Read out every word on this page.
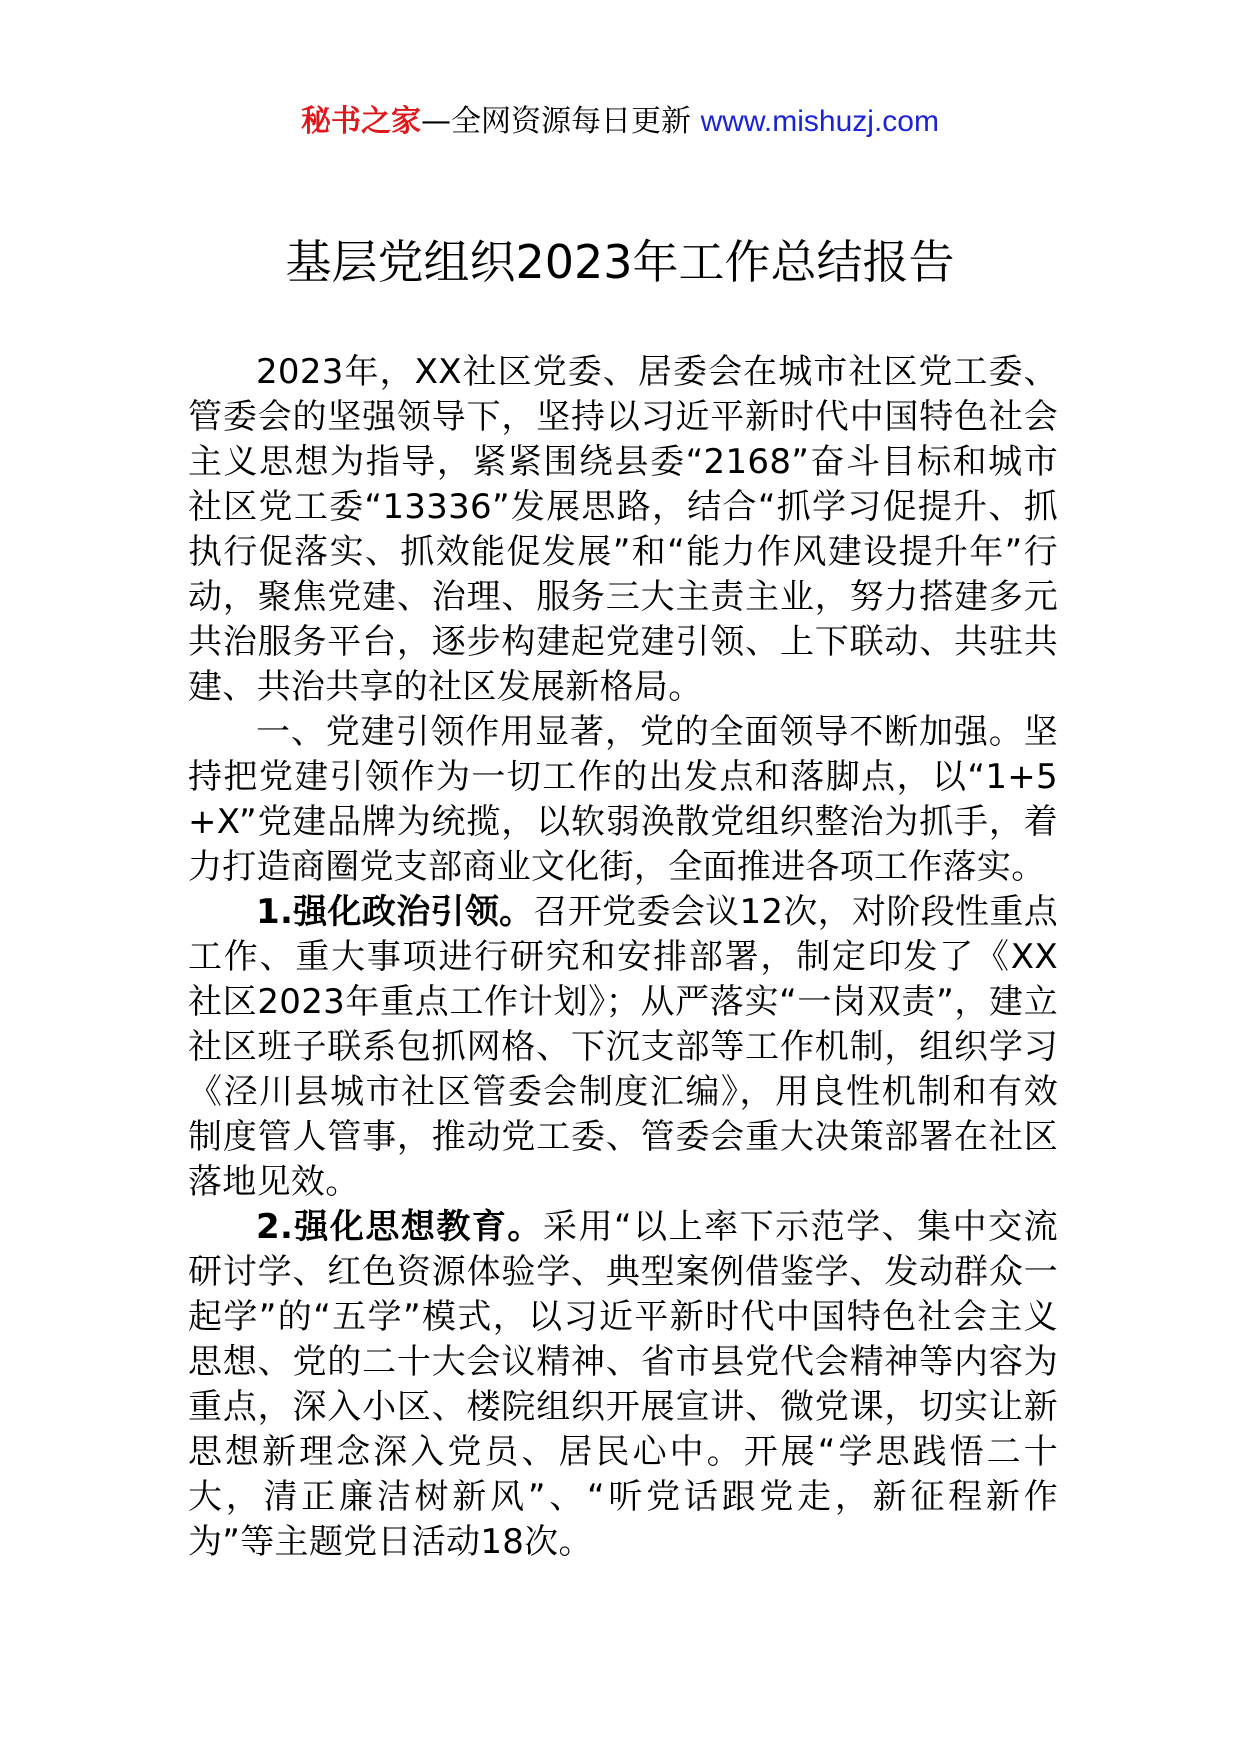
秘书之家—全网资源每日更新 www.mishuzj.com
基层党组织2023年工作总结报告

2023年，XX社区党委、居委会在城市社区党工委、管委会的坚强领导下，坚持以习近平新时代中国特色社会主义思想为指导，紧紧围绕县委“2168”奋斗目标和城市社区党工委“13336”发展思路，结合“抓学习促提升、抓执行促落实、抓效能促发展”和“能力作风建设提升年”行动，聚焦党建、治理、服务三大主责主业，努力搭建多元共治服务平台，逐步构建起党建引领、上下联动、共驻共建、共治共享的社区发展新格局。

一、党建引领作用显著，党的全面领导不断加强。坚持把党建引领作为一切工作的出发点和落脚点，以“1+5+X”党建品牌为统揽，以软弱涣散党组织整治为抓手，着力打造商圈党支部商业文化街，全面推进各项工作落实。

1.强化政治引领。召开党委会议12次，对阶段性重点工作、重大事项进行研究和安排部署，制定印发了《XX社区2023年重点工作计划》；从严落实“一岗双责”，建立社区班子联系包抓网格、下沉支部等工作机制，组织学习《泾川县城市社区管委会制度汇编》，用良性机制和有效制度管人管事，推动党工委、管委会重大决策部署在社区落地见效。

2.强化思想教育。采用“以上率下示范学、集中交流研讨学、红色资源体验学、典型案例借鉴学、发动群众一起学”的“五学”模式，以习近平新时代中国特色社会主义思想、党的二十大会议精神、省市县党代会精神等内容为重点，深入小区、楼院组织开展宣讲、微党课，切实让新思想新理念深入党员、居民心中。开展“学思践悟二十大，清正廉洁树新风”、“听党话跟党走，新征程新作为”等主题党日活动18次。
